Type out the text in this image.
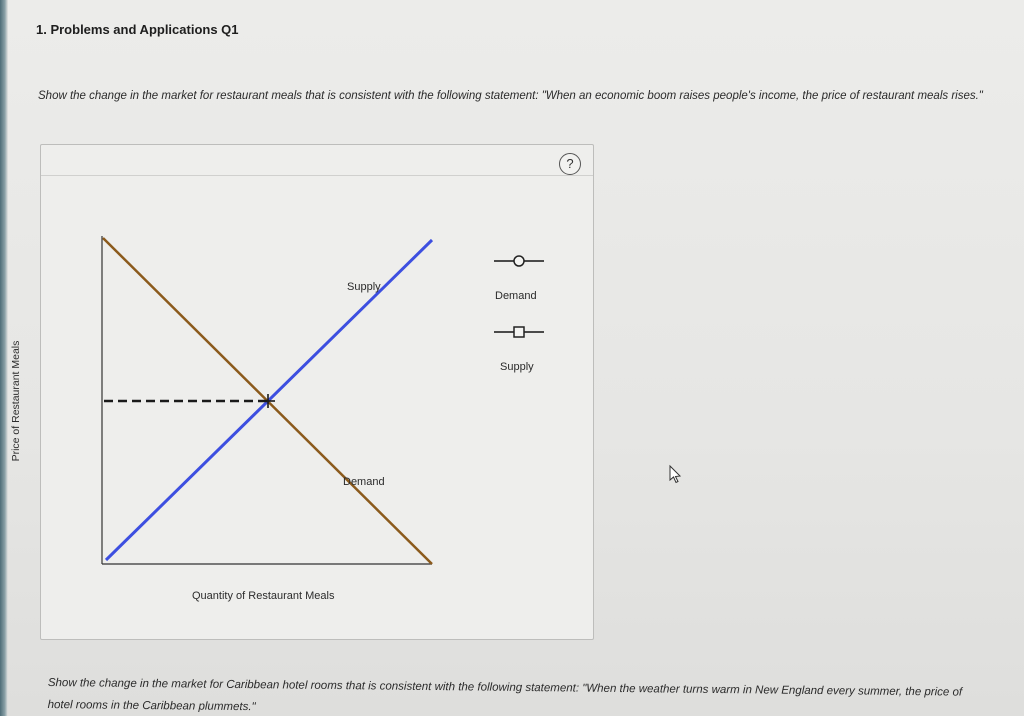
1. Problems and Applications Q1
Show the change in the market for restaurant meals that is consistent with the following statement: "When an economic boom raises people's income, the price of restaurant meals rises."
?
Price of Restaurant Meals
Quantity of Restaurant Meals
Supply
Demand
Demand
Supply
Show the change in the market for Caribbean hotel rooms that is consistent with the following statement: "When the weather turns warm in New England every summer, the price of hotel rooms in the Caribbean plummets."
